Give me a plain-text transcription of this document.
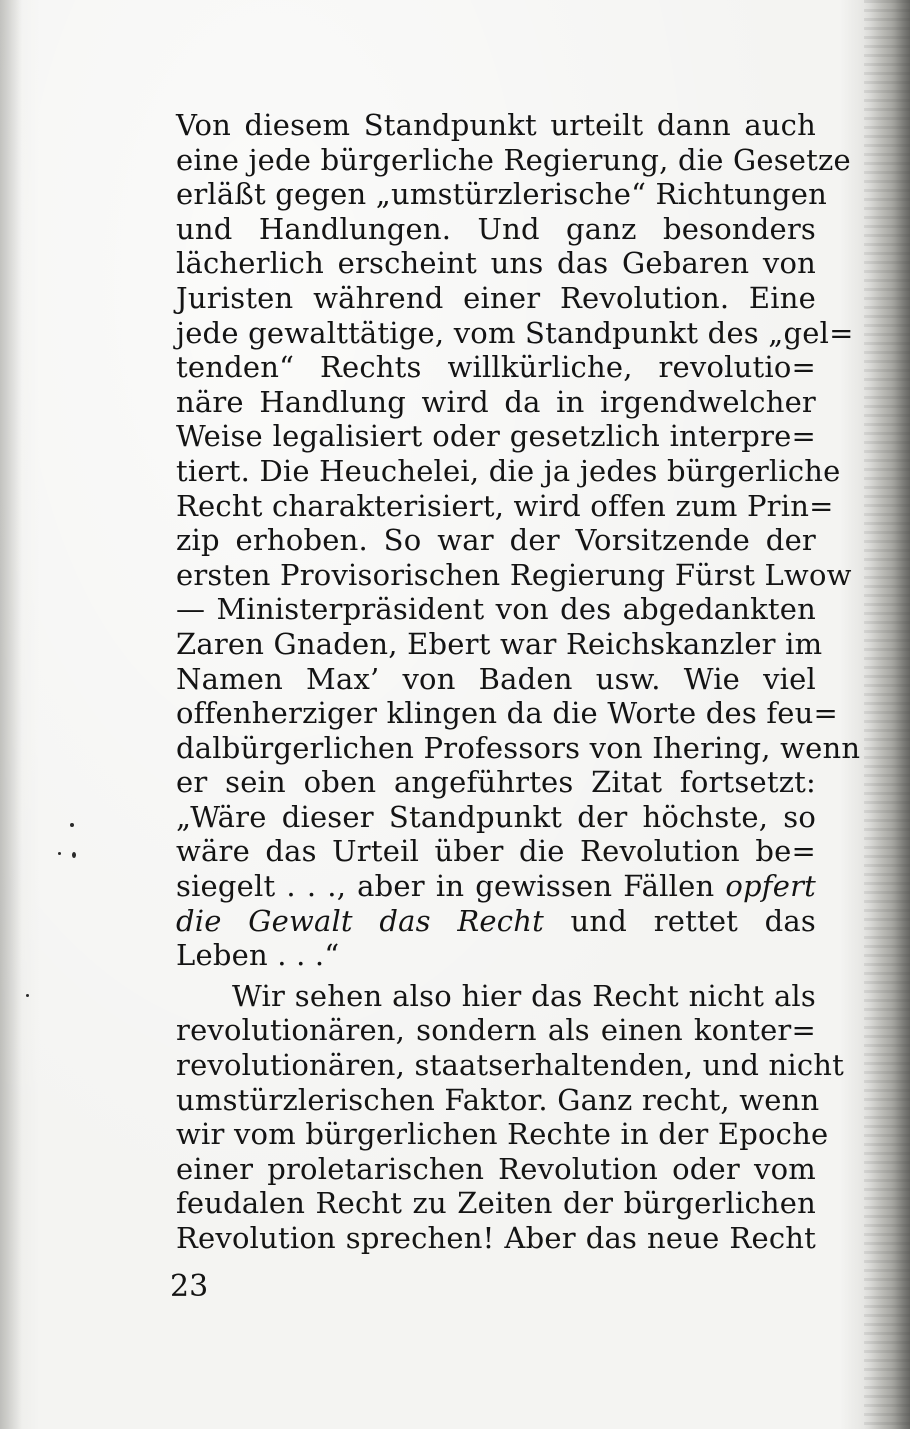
Von diesem Standpunkt urteilt dann auch
eine jede bürgerliche Regierung, die Gesetze
erläßt gegen „umstürzlerische“ Richtungen
und Handlungen. Und ganz besonders
lächerlich erscheint uns das Gebaren von
Juristen während einer Revolution. Eine
jede gewalttätige, vom Standpunkt des „gel=
tenden“ Rechts willkürliche, revolutio=
näre Handlung wird da in irgendwelcher
Weise legalisiert oder gesetzlich interpre=
tiert. Die Heuchelei, die ja jedes bürgerliche
Recht charakterisiert, wird offen zum Prin=
zip erhoben. So war der Vorsitzende der
ersten Provisorischen Regierung Fürst Lwow
— Ministerpräsident von des abgedankten
Zaren Gnaden, Ebert war Reichskanzler im
Namen Max’ von Baden usw. Wie viel
offenherziger klingen da die Worte des feu=
dalbürgerlichen Professors von Ihering, wenn
er sein oben angeführtes Zitat fortsetzt:
„Wäre dieser Standpunkt der höchste, so
wäre das Urteil über die Revolution be=
siegelt . . ., aber in gewissen Fällen opfert
die Gewalt das Recht und rettet das
Leben . . .“
Wir sehen also hier das Recht nicht als
revolutionären, sondern als einen konter=
revolutionären, staatserhaltenden, und nicht
umstürzlerischen Faktor. Ganz recht, wenn
wir vom bürgerlichen Rechte in der Epoche
einer proletarischen Revolution oder vom
feudalen Recht zu Zeiten der bürgerlichen
Revolution sprechen! Aber das neue Recht
23
